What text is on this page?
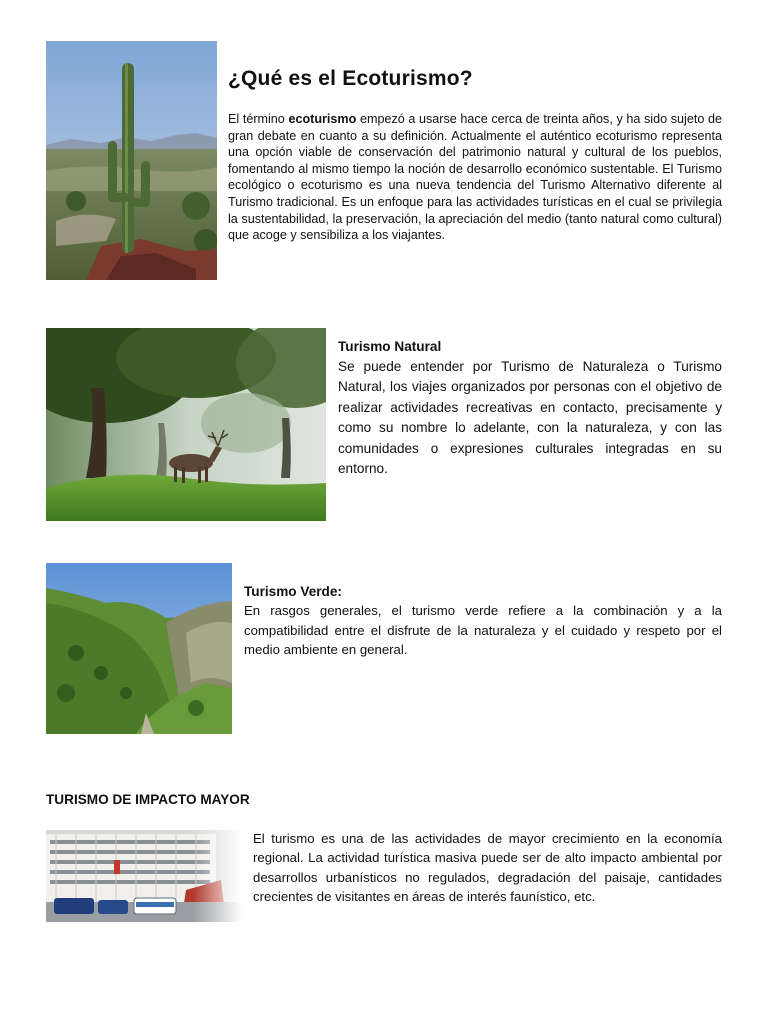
¿Qué es el Ecoturismo?

El término ecoturismo empezó a usarse hace cerca de treinta años, y ha sido sujeto de gran debate en cuanto a su definición. Actualmente el auténtico ecoturismo representa una opción viable de conservación del patrimonio natural y cultural de los pueblos, fomentando al mismo tiempo la noción de desarrollo económico sustentable. El Turismo ecológico o ecoturismo es una nueva tendencia del Turismo Alternativo diferente al Turismo tradicional. Es un enfoque para las actividades turísticas en el cual se privilegia la sustentabilidad, la preservación, la apreciación del medio (tanto natural como cultural) que acoge y sensibiliza a los viajantes.

Turismo Natural

Se puede entender por Turismo de Naturaleza o Turismo Natural, los viajes organizados por personas con el objetivo de realizar actividades recreativas en contacto, precisamente y como su nombre lo adelante, con la naturaleza, y con las comunidades o expresiones culturales integradas en su entorno.

Turismo Verde:

En rasgos generales, el turismo verde refiere a la combinación y a la compatibilidad entre el disfrute de la naturaleza y el cuidado y respeto por el medio ambiente en general.

TURISMO DE IMPACTO MAYOR

El turismo es una de las actividades de mayor crecimiento en la economía regional. La actividad turística masiva puede ser de alto impacto ambiental por desarrollos urbanísticos no regulados, degradación del paisaje, cantidades crecientes de visitantes en áreas de interés faunístico, etc.
